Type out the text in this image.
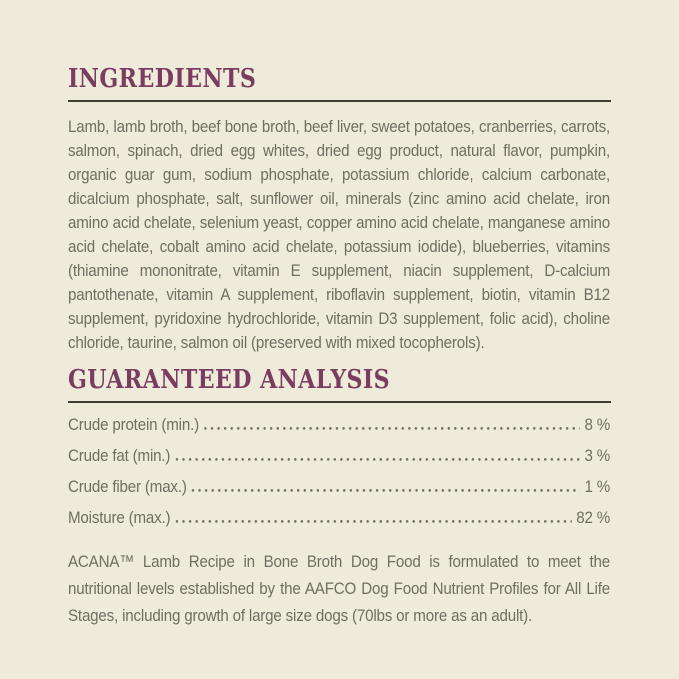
INGREDIENTS

Lamb, lamb broth, beef bone broth, beef liver, sweet potatoes, cranberries, carrots, salmon, spinach, dried egg whites, dried egg product, natural flavor, pumpkin, organic guar gum, sodium phosphate, potassium chloride, calcium carbonate, dicalcium phosphate, salt, sunflower oil, minerals (zinc amino acid chelate, iron amino acid chelate, selenium yeast, copper amino acid chelate, manganese amino acid chelate, cobalt amino acid chelate, potassium iodide), blueberries, vitamins (thiamine mononitrate, vitamin E supplement, niacin supplement, D-calcium pantothenate, vitamin A supplement, riboflavin supplement, biotin, vitamin B12 supplement, pyridoxine hydrochloride, vitamin D3 supplement, folic acid), choline chloride, taurine, salmon oil (preserved with mixed tocopherols).

GUARANTEED ANALYSIS
Crude protein (min.)	8 %
Crude fat (min.)	3 %
Crude fiber (max.)	1 %
Moisture (max.)	82 %

ACANA™ Lamb Recipe in Bone Broth Dog Food is formulated to meet the nutritional levels established by the AAFCO Dog Food Nutrient Profiles for All Life Stages, including growth of large size dogs (70lbs or more as an adult).
